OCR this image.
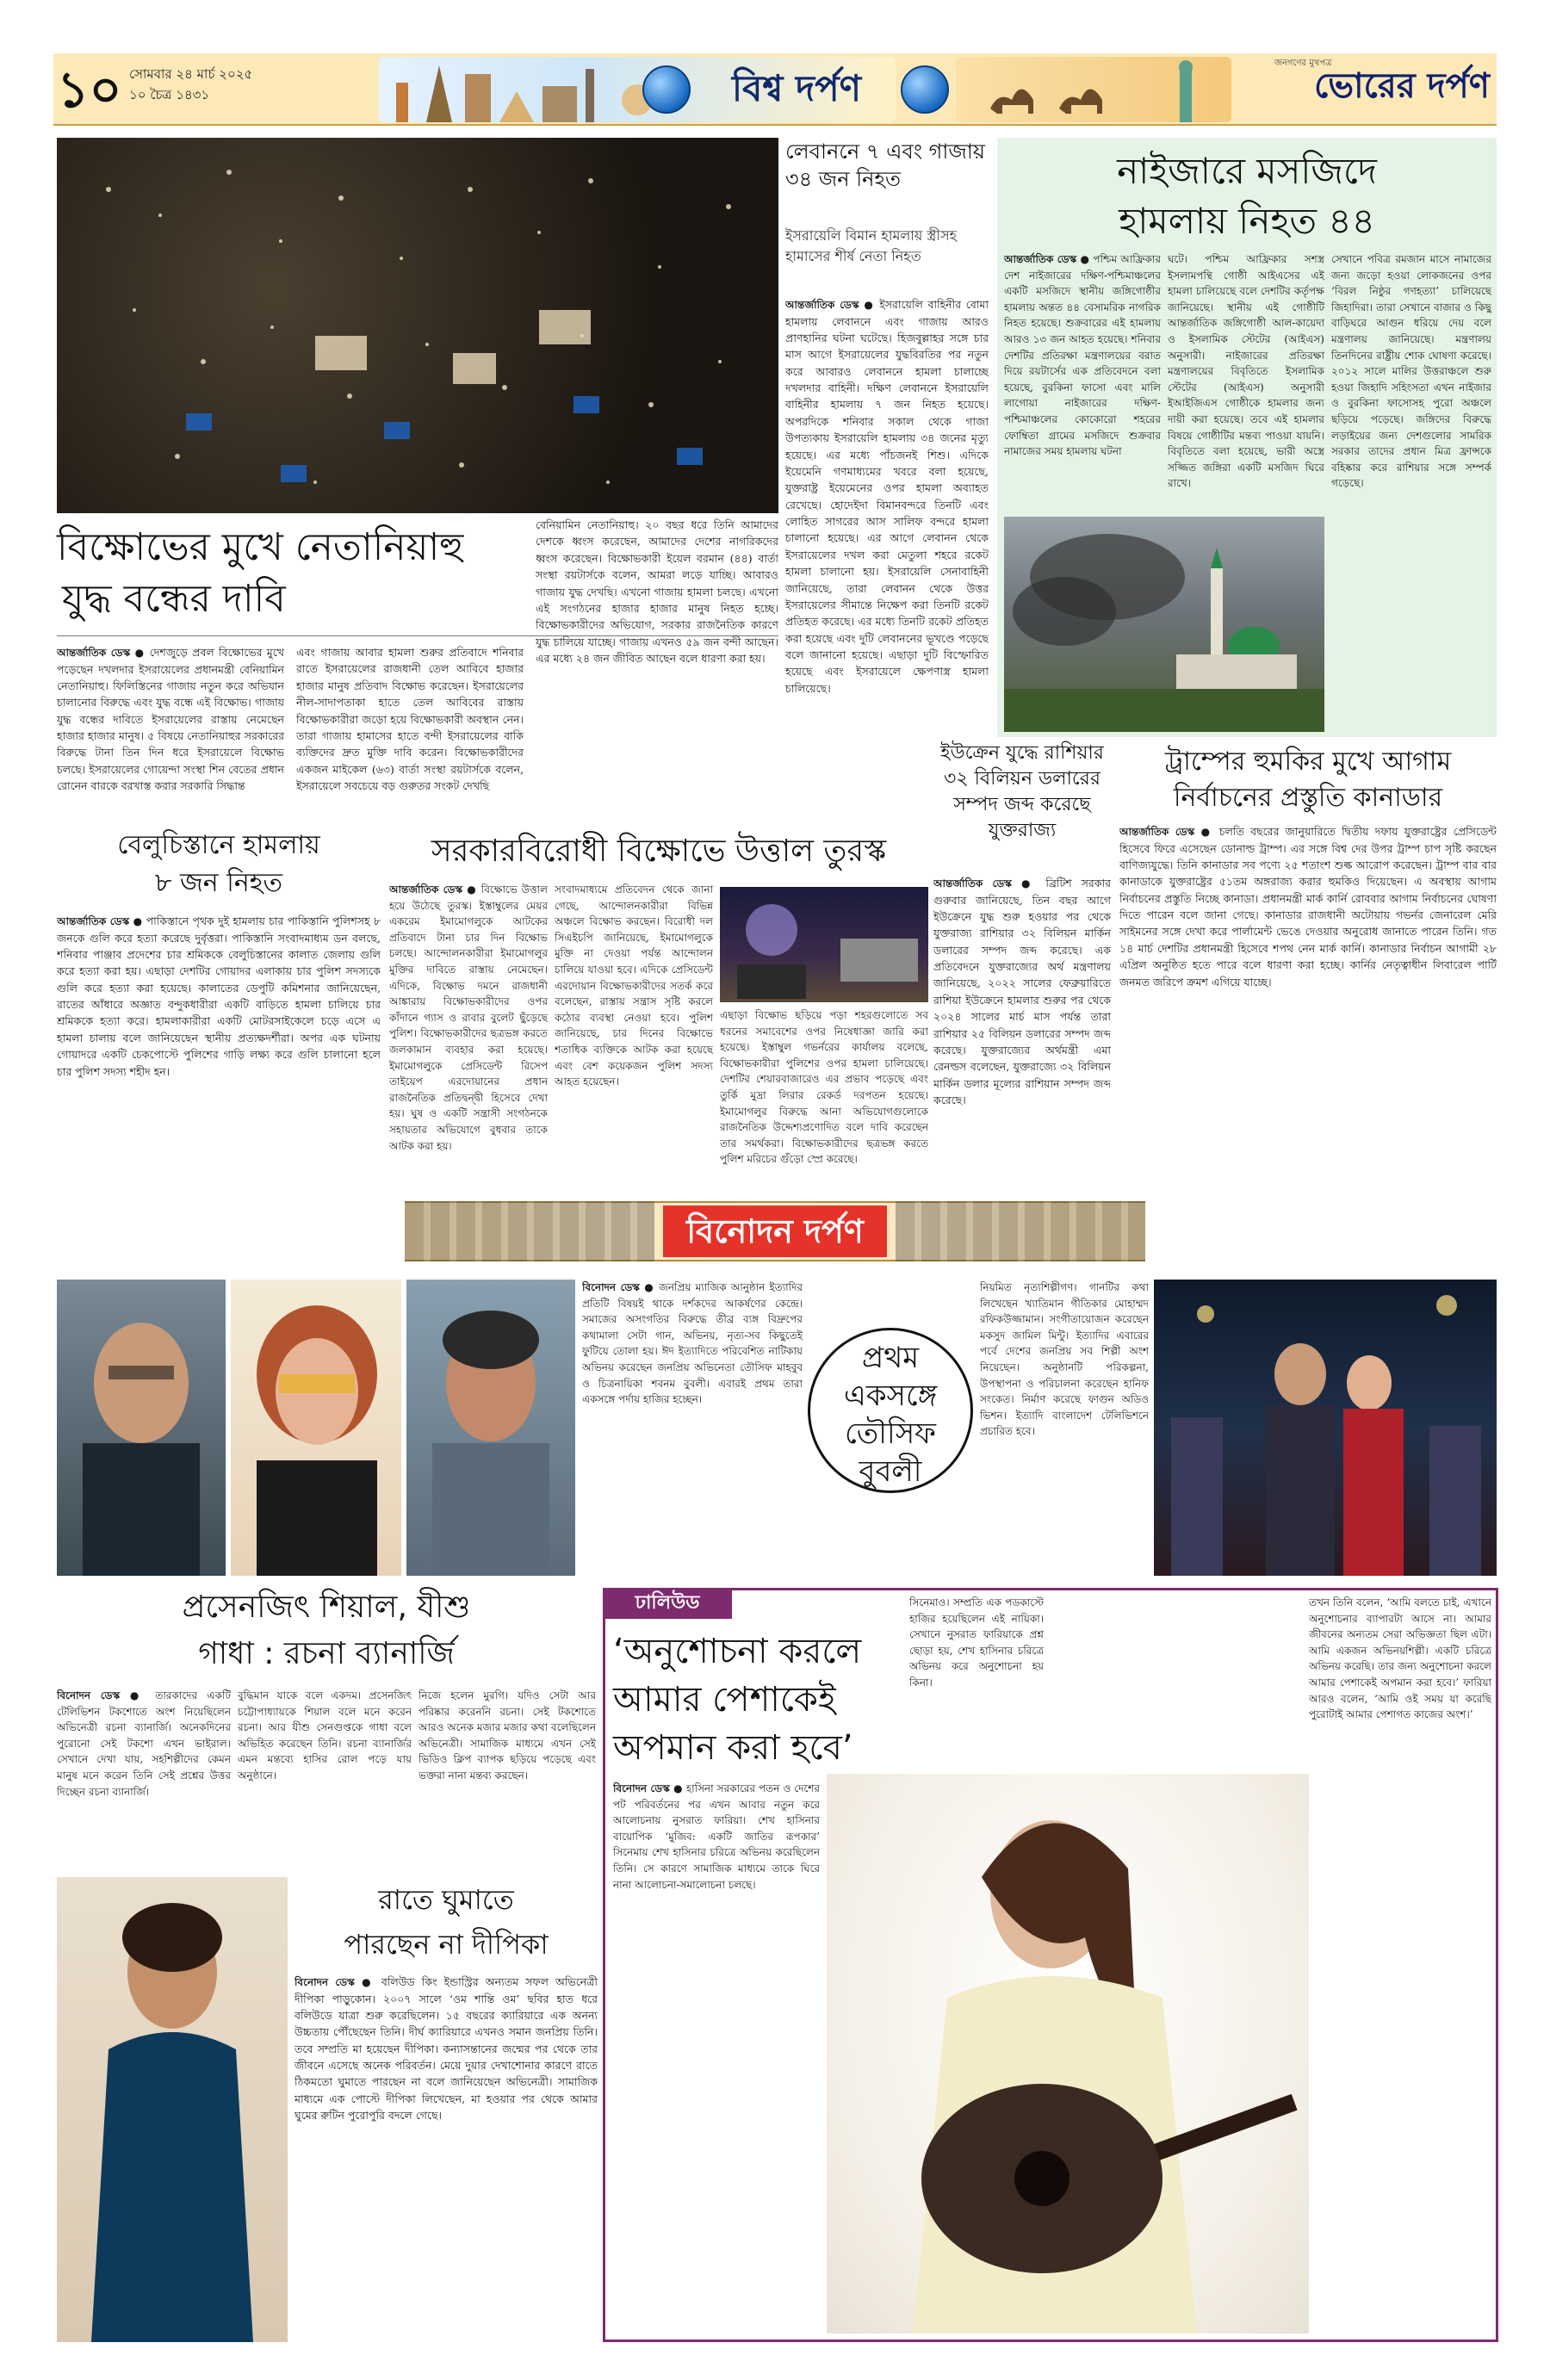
১০ সোমবার ২৪ মার্চ ২০২৫
১০ চৈত্র ১৪৩১	বিশ্ব দর্পণ
জনগণের মুখপত্র
ভোরের দর্পণ
বিক্ষোভের মুখে নেতানিয়াহু
যুদ্ধ বন্ধের দাবি
আন্তর্জাতিক ডেস্ক ● দেশজুড়ে প্রবল বিক্ষোভের মুখে পড়েছেন দখলদার ইসরায়েলের প্রধানমন্ত্রী বেনিয়ামিন নেতানিয়াহু। ফিলিস্তিনের গাজায় নতুন করে অভিযান চালানোর বিরুদ্ধে এবং যুদ্ধ বন্ধে এই বিক্ষোভ। গাজায় যুদ্ধ বন্ধের দাবিতে ইসরায়েলের রাস্তায় নেমেছেন হাজার হাজার মানুষ। ৫ বিষয়ে নেতানিয়াহুর সরকারের বিরুদ্ধে টানা তিন দিন ধরে ইসরায়েলে বিক্ষোভ চলছে। ইসরায়েলের গোয়েন্দা সংস্থা শিন বেতের প্রধান রোনেন বারকে বরখাস্ত করার সরকারি সিদ্ধান্ত
এবং গাজায় আবার হামলা শুরুর প্রতিবাদে শনিবার রাতে ইসরায়েলের রাজধানী তেল আবিবে হাজার হাজার মানুষ প্রতিবাদ বিক্ষোভ করেছেন। ইসরায়েলের নীল-সাদাপতাকা হাতে তেল আবিবের রাস্তায় বিক্ষোভকারীরা জড়ো হয়ে বিক্ষোভকারী অবস্থান নেন। তারা গাজায় হামাসের হাতে বন্দী ইসরায়েলের বাকি ব্যক্তিদের দ্রুত মুক্তি দাবি করেন। বিক্ষোভকারীদের একজন মাইকেল (৬৩) বার্তা সংস্থা রয়টার্সকে বলেন, ইসরায়েলে সবচেয়ে বড় গুরুতর সংকট দেখছি
বেনিয়ামিন নেতানিয়াহু। ২০ বছর ধরে তিনি আমাদের দেশকে ধ্বংস করেছেন, আমাদের দেশের নাগরিকদের ধ্বংস করেছেন। বিক্ষোভকারী ইয়েল বরমান (৪৪) বার্তা সংস্থা রয়টার্সকে বলেন, আমরা লড়ে যাচ্ছি। আবারও গাজায় যুদ্ধ দেখছি। এখনো গাজায় হামলা চলছে। এখনো এই সংগঠনের হাজার হাজার মানুষ নিহত হচ্ছে। বিক্ষোভকারীদের অভিযোগ, সরকার রাজনৈতিক কারণে যুদ্ধ চালিয়ে যাচ্ছে। গাজায় এখনও ৫৯ জন বন্দী আছেন। এর মধ্যে ২৪ জন জীবিত আছেন বলে ধারণা করা হয়।
লেবাননে ৭ এবং গাজায় ৩৪ জন নিহত
ইসরায়েলি বিমান হামলায় স্ত্রীসহ হামাসের শীর্ষ নেতা নিহত
আন্তর্জাতিক ডেস্ক ● ইসরায়েলি বাহিনীর বোমা হামলায় লেবাননে এবং গাজায় আরও প্রাণহানির ঘটনা ঘটেছে। হিজবুল্লাহর সঙ্গে চার মাস আগে ইসরায়েলের যুদ্ধবিরতির পর নতুন করে আবারও লেবাননে হামলা চালাচ্ছে দখলদার বাহিনী। দক্ষিণ লেবাননে ইসরায়েলি বাহিনীর হামলায় ৭ জন নিহত হয়েছে। অপরদিকে শনিবার সকাল থেকে গাজা উপত্যকায় ইসরায়েলি হামলায় ৩৪ জনের মৃত্যু হয়েছে। এর মধ্যে পাঁচজনই শিশু। এদিকে ইয়েমেনি গণমাধ্যমের খবরে বলা হয়েছে, যুক্তরাষ্ট্র ইয়েমেনের ওপর হামলা অব্যাহত রেখেছে। হোদেইদা বিমানবন্দরে তিনটি এবং লোহিত সাগরের আস সালিফ বন্দরে হামলা চালানো হয়েছে। এর আগে লেবানন থেকে ইসরায়েলের দখল করা মেতুলা শহরে রকেট হামলা চালানো হয়। ইসরায়েলি সেনাবাহিনী জানিয়েছে, তারা লেবানন থেকে উত্তর ইসরায়েলের সীমান্তে নিক্ষেপ করা তিনটি রকেট প্রতিহত করেছে। এর মধ্যে তিনটি রকেট প্রতিহত করা হয়েছে এবং দুটি লেবাননের ভূখণ্ডে পড়েছে বলে জানানো হয়েছে। এছাড়া দুটি বিস্ফোরিত হয়েছে এবং ইসরায়েলে ক্ষেপণাস্ত্র হামলা চালিয়েছে।
নাইজারে মসজিদে
হামলায় নিহত ৪৪
আন্তর্জাতিক ডেস্ক ● পশ্চিম আফ্রিকার দেশ নাইজারের দক্ষিণ-পশ্চিমাঞ্চলের একটি মসজিদে স্থানীয় জঙ্গিগোষ্ঠীর হামলায় অন্তত ৪৪ বেসামরিক নাগরিক নিহত হয়েছে। শুক্রবারের এই হামলায় আরও ১৩ জন আহত হয়েছে। শনিবার দেশটির প্রতিরক্ষা মন্ত্রণালয়ের বরাত দিয়ে রয়টার্সের এক প্রতিবেদনে বলা হয়েছে, বুরকিনা ফাসো এবং মালি লাগোয়া নাইজারের দক্ষিণ-পশ্চিমাঞ্চলের কোকোরো শহরের ফোম্বিতা গ্রামের মসজিদে শুক্রবার নামাজের সময় হামলায় ঘটনা
ঘটে। পশ্চিম আফ্রিকার সশস্ত্র ইসলামপন্থি গোষ্ঠী আইএসের এই হামলা চালিয়েছে বলে দেশটির কর্তৃপক্ষ জানিয়েছে। স্থানীয় এই গোষ্ঠীটি আন্তর্জাতিক জঙ্গিগোষ্ঠী আল-কায়েদা ও ইসলামিক স্টেটের (আইএস) অনুসারী। নাইজারের প্রতিরক্ষা মন্ত্রণালয়ের বিবৃতিতে ইসলামিক স্টেটের (আইএস) অনুসারী ইআইজিএস গোষ্ঠীকে হামলার জন্য দায়ী করা হয়েছে। তবে এই হামলার বিষয়ে গোষ্ঠীটির মন্তব্য পাওয়া যায়নি। বিবৃতিতে বলা হয়েছে, ভারী অস্ত্রে সজ্জিত জঙ্গিরা একটি মসজিদ ঘিরে রাখে।
সেখানে পবিত্র রমজান মাসে নামাজের জন্য জড়ো হওয়া লোকজনের ওপর ‘বিরল নিষ্ঠুর গণহত্যা’ চালিয়েছে জিহাদিরা। তারা সেখানে বাজার ও কিছু বাড়িঘরে আগুন ধরিয়ে দেয় বলে মন্ত্রণালয় জানিয়েছে। মন্ত্রণালয় তিনদিনের রাষ্ট্রীয় শোক ঘোষণা করেছে। ২০১২ সালে মালির উত্তরাঞ্চলে শুরু হওয়া জিহাদি সহিংসতা এখন নাইজার ও বুরকিনা ফাসোসহ পুরো অঞ্চলে ছড়িয়ে পড়েছে। জঙ্গিদের বিরুদ্ধে লড়াইয়ের জন্য দেশগুলোর সামরিক সরকার তাদের প্রধান মিত্র ফ্রান্সকে বহিষ্কার করে রাশিয়ার সঙ্গে সম্পর্ক গড়েছে।
ইউক্রেন যুদ্ধে রাশিয়ার ৩২ বিলিয়ন ডলারের সম্পদ জব্দ করেছে যুক্তরাজ্য
আন্তর্জাতিক ডেস্ক ● ব্রিটিশ সরকার গুরুবার জানিয়েছে, তিন বছর আগে ইউক্রেনে যুদ্ধ শুরু হওয়ার পর থেকে যুক্তরাজ্য রাশিয়ার ৩২ বিলিয়ন মার্কিন ডলারের সম্পদ জব্দ করেছে। এক প্রতিবেদনে যুক্তরাজ্যের অর্থ মন্ত্রণালয় জানিয়েছে, ২০২২ সালের ফেব্রুয়ারিতে রাশিয়া ইউক্রেনে হামলার শুরুর পর থেকে ২০২৪ সালের মার্চ মাস পর্যন্ত তারা রাশিয়ার ২৫ বিলিয়ন ডলারের সম্পদ জব্দ করেছে। যুক্তরাজ্যের অর্থমন্ত্রী এমা রেনল্ডস বলেছেন, যুক্তরাজ্যে ৩২ বিলিয়ন মার্কিন ডলার মূল্যের রাশিয়ান সম্পদ জব্দ করেছে।
ট্রাম্পের হুমকির মুখে আগাম
নির্বাচনের প্রস্তুতি কানাডার
আন্তর্জাতিক ডেস্ক ● চলতি বছরের জানুয়ারিতে দ্বিতীয় দফায় যুক্তরাষ্ট্রের প্রেসিডেন্ট হিসেবে ফিরে এসেছেন ডোনাল্ড ট্রাম্প। এর সঙ্গে বিশ্ব দের উপর ট্রাম্প চাপ সৃষ্টি করছেন বাণিজ্যযুদ্ধে। তিনি কানাডার সব পণ্যে ২৫ শতাংশ শুল্ক আরোপ করেছেন। ট্রাম্প বার বার কানাডাকে যুক্তরাষ্ট্রের ৫১তম অঙ্গরাজ্য করার হুমকিও দিয়েছেন। এ অবস্থায় আগাম নির্বাচনের প্রস্তুতি নিচ্ছে কানাডা। প্রধানমন্ত্রী মার্ক কার্নি রোববার আগাম নির্বাচনের ঘোষণা দিতে পারেন বলে জানা গেছে। কানাডার রাজধানী অটোয়ায় গভর্নর জেনারেল মেরি সাইমনের সঙ্গে দেখা করে পার্লামেন্ট ভেঙে দেওয়ার অনুরোধ জানাতে পারেন তিনি। গত ১৪ মার্চ দেশটির প্রধানমন্ত্রী হিসেবে শপথ নেন মার্ক কার্নি। কানাডার নির্বাচন আগামী ২৮ এপ্রিল অনুষ্ঠিত হতে পারে বলে ধারণা করা হচ্ছে। কার্নির নেতৃত্বাধীন লিবারেল পার্টি জনমত জরিপে ক্রমশ এগিয়ে যাচ্ছে।
বেলুচিস্তানে হামলায়
৮ জন নিহত
আন্তর্জাতিক ডেস্ক ● পাকিস্তানে পৃথক দুই হামলায় চার পাকিস্তানি পুলিশসহ ৮ জনকে গুলি করে হত্যা করেছে দুর্বৃত্তরা। পাকিস্তানি সংবাদমাধ্যম ডন বলছে, শনিবার পাঞ্জাব প্রদেশের চার শ্রমিককে বেলুচিস্তানের কালাত জেলায় গুলি করে হত্যা করা হয়। এছাড়া দেশটির গোয়াদর এলাকায় চার পুলিশ সদস্যকে গুলি করে হত্যা করা হয়েছে। কালাতের ডেপুটি কমিশনার জানিয়েছেন, রাতের আঁধারে অজ্ঞাত বন্দুকধারীরা একটি বাড়িতে হামলা চালিয়ে চার শ্রমিককে হত্যা করে। হামলাকারীরা একটি মোটরসাইকেলে চড়ে এসে এ হামলা চালায় বলে জানিয়েছেন স্থানীয় প্রত্যক্ষদর্শীরা। অপর এক ঘটনায় গোয়াদরে একটি চেকপোস্টে পুলিশের গাড়ি লক্ষ্য করে গুলি চালানো হলে চার পুলিশ সদস্য শহীদ হন।
সরকারবিরোধী বিক্ষোভে উত্তাল তুরস্ক
আন্তর্জাতিক ডেস্ক ● বিক্ষোভে উত্তাল হয়ে উঠেছে তুরস্ক। ইস্তাম্বুলের মেয়র একরেম ইমামোগলুকে আটকের প্রতিবাদে টানা চার দিন বিক্ষোভ চলছে। আন্দোলনকারীরা ইমামোগলুর মুক্তির দাবিতে রাস্তায় নেমেছেন। এদিকে, বিক্ষোভ দমনে রাজধানী আঙ্কারায় বিক্ষোভকারীদের ওপর কাঁদানে গ্যাস ও রাবার বুলেট ছুঁড়েছে পুলিশ। বিক্ষোভকারীদের ছত্রভঙ্গ করতে জলকামান ব্যবহার করা হয়েছে। ইমামোগলুকে প্রেসিডেন্ট রিসেপ তাইয়েপ এরদোয়ানের প্রধান রাজনৈতিক প্রতিদ্বন্দ্বী হিসেবে দেখা হয়। ঘুষ ও একটি সন্ত্রাসী সংগঠনকে সহায়তার অভিযোগে বুধবার তাকে আটক করা হয়।
সংবাদমাধ্যমে প্রতিবেদন থেকে জানা গেছে, আন্দোলনকারীরা বিভিন্ন অঞ্চলে বিক্ষোভ করছেন। বিরোধী দল সিএইচপি জানিয়েছে, ইমামোগলুকে মুক্তি না দেওয়া পর্যন্ত আন্দোলন চালিয়ে যাওয়া হবে। এদিকে প্রেসিডেন্ট এরদোয়ান বিক্ষোভকারীদের সতর্ক করে বলেছেন, রাস্তায় সন্ত্রাস সৃষ্টি করলে কঠোর ব্যবস্থা নেওয়া হবে। পুলিশ জানিয়েছে, চার দিনের বিক্ষোভে শতাধিক ব্যক্তিকে আটক করা হয়েছে এবং বেশ কয়েকজন পুলিশ সদস্য আহত হয়েছেন।
এছাড়া বিক্ষোভ ছড়িয়ে পড়া শহরগুলোতে সব ধরনের সমাবেশের ওপর নিষেধাজ্ঞা জারি করা হয়েছে। ইস্তাম্বুল গভর্নরের কার্যালয় বলেছে, বিক্ষোভকারীরা পুলিশের ওপর হামলা চালিয়েছে। দেশটির শেয়ারবাজারেও এর প্রভাব পড়েছে এবং তুর্কি মুদ্রা লিরার রেকর্ড দরপতন হয়েছে। ইমামোগলুর বিরুদ্ধে আনা অভিযোগগুলোকে রাজনৈতিক উদ্দেশ্যপ্রণোদিত বলে দাবি করেছেন তার সমর্থকরা। বিক্ষোভকারীদের ছত্রভঙ্গ করতে পুলিশ মরিচের গুঁড়ো স্প্রে করেছে।
বিনোদন দর্পণ
বিনোদন ডেস্ক ● জনপ্রিয় ম্যাজিক আনুষ্ঠান ইত্যাদির প্রতিটি বিষয়ই থাকে দর্শকদের আকর্ষণের কেন্দ্রে। সমাজের অসংগতির বিরুদ্ধে তীব্র ব্যঙ্গ বিদ্রুপের কথামালা সেটা গান, অভিনয়, নৃত্য-সব কিছুতেই ফুটিয়ে তোলা হয়। ঈদ ইত্যাদিতে পরিবেশিত নাটিকায় অভিনয় করেছেন জনপ্রিয় অভিনেতা তৌসিফ মাহবুব ও চিত্রনায়িকা শবনম বুবলী। এবারই প্রথম তারা একসঙ্গে পর্দায় হাজির হচ্ছেন।
প্রথম
একসঙ্গে
তৌসিফ
বুবলী
নিয়মিত নৃত্যশিল্পীগণ। গানটির কথা লিখেছেন খ্যাতিমান গীতিকার মোহাম্মদ রফিকউজ্জামান। সংগীতায়োজন করেছেন মকসুদ জামিল মিন্টু। ইত্যাদির এবারের পর্বে দেশের জনপ্রিয় সব শিল্পী অংশ নিয়েছেন। অনুষ্ঠানটি পরিকল্পনা, উপস্থাপনা ও পরিচালনা করেছেন হানিফ সংকেত। নির্মাণ করেছে ফাগুন অডিও ভিশন। ইত্যাদি বাংলাদেশ টেলিভিশনে প্রচারিত হবে।
প্রসেনজিৎ শিয়াল, যীশু
গাধা : রচনা ব্যানার্জি
বিনোদন ডেস্ক ● তারকাদের একটি টেলিভিশন টকশোতে অংশ নিয়েছিলেন অভিনেত্রী রচনা ব্যানার্জি। অনেকদিনের পুরোনো সেই টকশো এখন ভাইরাল। সেখানে দেখা যায়, সহশিল্পীদের কেমন মানুষ মনে করেন তিনি সেই প্রশ্নের উত্তর দিচ্ছেন রচনা ব্যানার্জি।
বুদ্ধিমান যাকে বলে একদম। প্রসেনজিৎ চট্টোপাধ্যায়কে শিয়াল বলে মনে করেন রচনা। আর যীশু সেনগুপ্তকে গাধা বলে অভিহিত করেছেন তিনি। রচনা ব্যানার্জির এমন মন্তব্যে হাসির রোল পড়ে যায় অনুষ্ঠানে।
নিজে হলেন মুরগি। যদিও সেটা আর পরিষ্কার করেননি রচনা। সেই টকশোতে আরও অনেক মজার মজার কথা বলেছিলেন অভিনেত্রী। সামাজিক মাধ্যমে এখন সেই ভিডিও ক্লিপ ব্যাপক ছড়িয়ে পড়েছে এবং ভক্তরা নানা মন্তব্য করছেন।
রাতে ঘুমাতে
পারছেন না দীপিকা
বিনোদন ডেস্ক ● বলিউড কিং ইন্ডাস্ট্রির অন্যতম সফল অভিনেত্রী দীপিকা পাড়ুকোন। ২০০৭ সালে ‘ওম শান্তি ওম’ ছবির হাত ধরে বলিউডে যাত্রা শুরু করেছিলেন। ১৫ বছরের ক্যারিয়ারে এক অনন্য উচ্চতায় পৌঁছেছেন তিনি। দীর্ঘ ক্যারিয়ারে এখনও সমান জনপ্রিয় তিনি। তবে সম্প্রতি মা হয়েছেন দীপিকা। কন্যাসন্তানের জন্মের পর থেকে তার জীবনে এসেছে অনেক পরিবর্তন। মেয়ে দুয়ার দেখাশোনার কারণে রাতে ঠিকমতো ঘুমাতে পারছেন না বলে জানিয়েছেন অভিনেত্রী। সামাজিক মাধ্যমে এক পোস্টে দীপিকা লিখেছেন, মা হওয়ার পর থেকে আমার ঘুমের রুটিন পুরোপুরি বদলে গেছে।
ঢালিউড
‘অনুশোচনা করলে
আমার পেশাকেই
অপমান করা হবে’
বিনোদন ডেস্ক ● হাসিনা সরকারের পতন ও দেশের পট পরিবর্তনের পর এখন আবার নতুন করে আলোচনায় নুসরাত ফারিয়া। শেখ হাসিনার বায়োপিক ‘মুজিব: একটি জাতির রূপকার’ সিনেমায় শেখ হাসিনার চরিত্রে অভিনয় করেছিলেন তিনি। সে কারণে সামাজিক মাধ্যমে তাকে ঘিরে নানা আলোচনা-সমালোচনা চলছে।
সিনেমাও। সম্প্রতি এক পডকাস্টে হাজির হয়েছিলেন এই নায়িকা। সেখানে নুসরাত ফারিয়াকে প্রশ্ন ছোড়া হয়, শেখ হাসিনার চরিত্রে অভিনয় করে অনুশোচনা হয় কিনা।
তখন তিনি বলেন, ‘আমি বলতে চাই, এখানে অনুশোচনার ব্যাপারটা আসে না। আমার জীবনের অন্যতম সেরা অভিজ্ঞতা ছিল এটা। আমি একজন অভিনয়শিল্পী। একটি চরিত্রে অভিনয় করেছি। তার জন্য অনুশোচনা করলে আমার পেশাকেই অপমান করা হবে।’ ফারিয়া আরও বলেন, ‘আমি ওই সময় যা করেছি পুরোটাই আমার পেশাগত কাজের অংশ।’
